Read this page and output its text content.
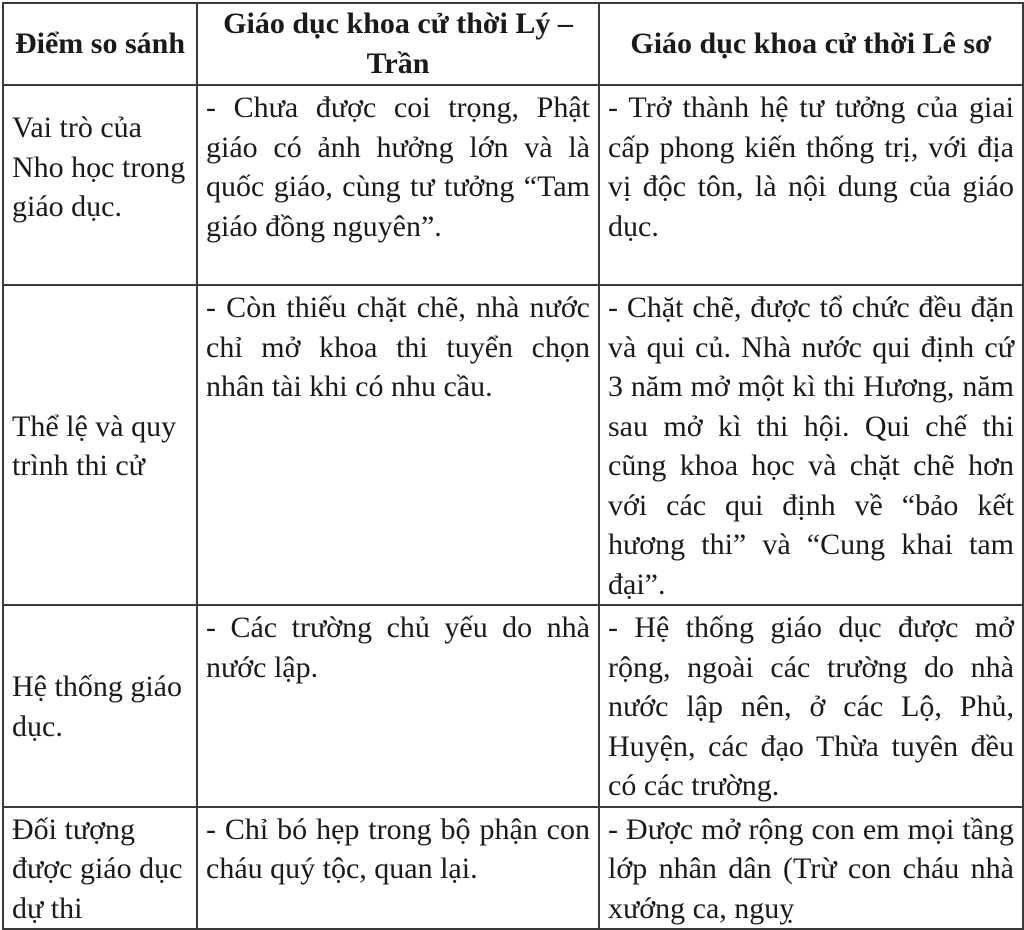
Điểm so sánh	Giáo dục khoa cử thời Lý – Trần	Giáo dục khoa cử thời Lê sơ
Vai trò của Nho học trong giáo dục.	- Chưa được coi trọng, Phật giáo có ảnh hưởng lớn và là quốc giáo, cùng tư tưởng “Tam giáo đồng nguyên”.	- Trở thành hệ tư tưởng của giai cấp phong kiến thống trị, với địa vị độc tôn, là nội dung của giáo dục.
Thể lệ và quy trình thi cử	- Còn thiếu chặt chẽ, nhà nước chỉ mở khoa thi tuyển chọn nhân tài khi có nhu cầu.	- Chặt chẽ, được tổ chức đều đặn và qui củ. Nhà nước qui định cứ 3 năm mở một kì thi Hương, năm sau mở kì thi hội. Qui chế thi cũng khoa học và chặt chẽ hơn với các qui định về “bảo kết hương thi” và “Cung khai tam đại”.
Hệ thống giáo dục.	- Các trường chủ yếu do nhà nước lập.	- Hệ thống giáo dục được mở rộng, ngoài các trường do nhà nước lập nên, ở các Lộ, Phủ, Huyện, các đạo Thừa tuyên đều có các trường.
Đối tượng được giáo dục dự thi	- Chỉ bó hẹp trong bộ phận con cháu quý tộc, quan lại.	- Được mở rộng con em mọi tầng lớp nhân dân (Trừ con cháu nhà xướng ca, nguỵ
